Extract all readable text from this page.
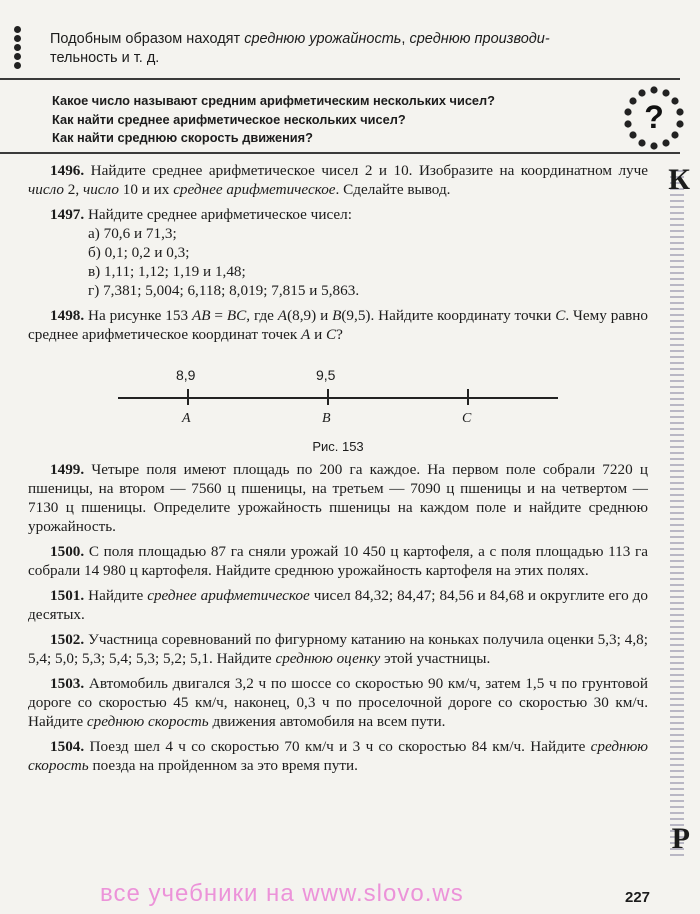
Подобным образом находят среднюю урожайность, среднюю производи-
тельность и т. д.
Какое число называют средним арифметическим нескольких чисел?
Как найти среднее арифметическое нескольких чисел?
Как найти среднюю скорость движения?
?

1496. Найдите среднее арифметическое чисел 2 и 10. Изобразите на координатном луче число 2, число 10 и их среднее арифметическое. Сделайте вывод.

1497. Найдите среднее арифметическое чисел:

а) 70,6 и 71,3;
б) 0,1; 0,2 и 0,3;
в) 1,11; 1,12; 1,19 и 1,48;
г) 7,381; 5,004; 6,118; 8,019; 7,815 и 5,863.

1498. На рисунке 153 AB = BC, где A(8,9) и B(9,5). Найдите координату точки C. Чему равно среднее арифметическое координат точек A и C?

8,9	9,5
A	B	C
Рис. 153

1499. Четыре поля имеют площадь по 200 га каждое. На первом поле собрали 7220 ц пшеницы, на втором — 7560 ц пшеницы, на третьем — 7090 ц пшеницы и на четвертом — 7130 ц пшеницы. Определите урожайность пшеницы на каждом поле и найдите среднюю урожайность.

1500. С поля площадью 87 га сняли урожай 10 450 ц картофеля, а с поля площадью 113 га собрали 14 980 ц картофеля. Найдите среднюю урожайность картофеля на этих полях.

1501. Найдите среднее арифметическое чисел 84,32; 84,47; 84,56 и 84,68 и округлите его до десятых.

1502. Участница соревнований по фигурному катанию на коньках получила оценки 5,3; 4,8; 5,4; 5,0; 5,3; 5,4; 5,3; 5,2; 5,1. Найдите среднюю оценку этой участницы.

1503. Автомобиль двигался 3,2 ч по шоссе со скоростью 90 км/ч, затем 1,5 ч по грунтовой дороге со скоростью 45 км/ч, наконец, 0,3 ч по проселочной дороге со скоростью 30 км/ч. Найдите среднюю скорость движения автомобиля на всем пути.

1504. Поезд шел 4 ч со скоростью 70 км/ч и 3 ч со скоростью 84 км/ч. Найдите среднюю скорость поезда на пройденном за это время пути.

К
Р
все учебники на www.slovo.ws	227
